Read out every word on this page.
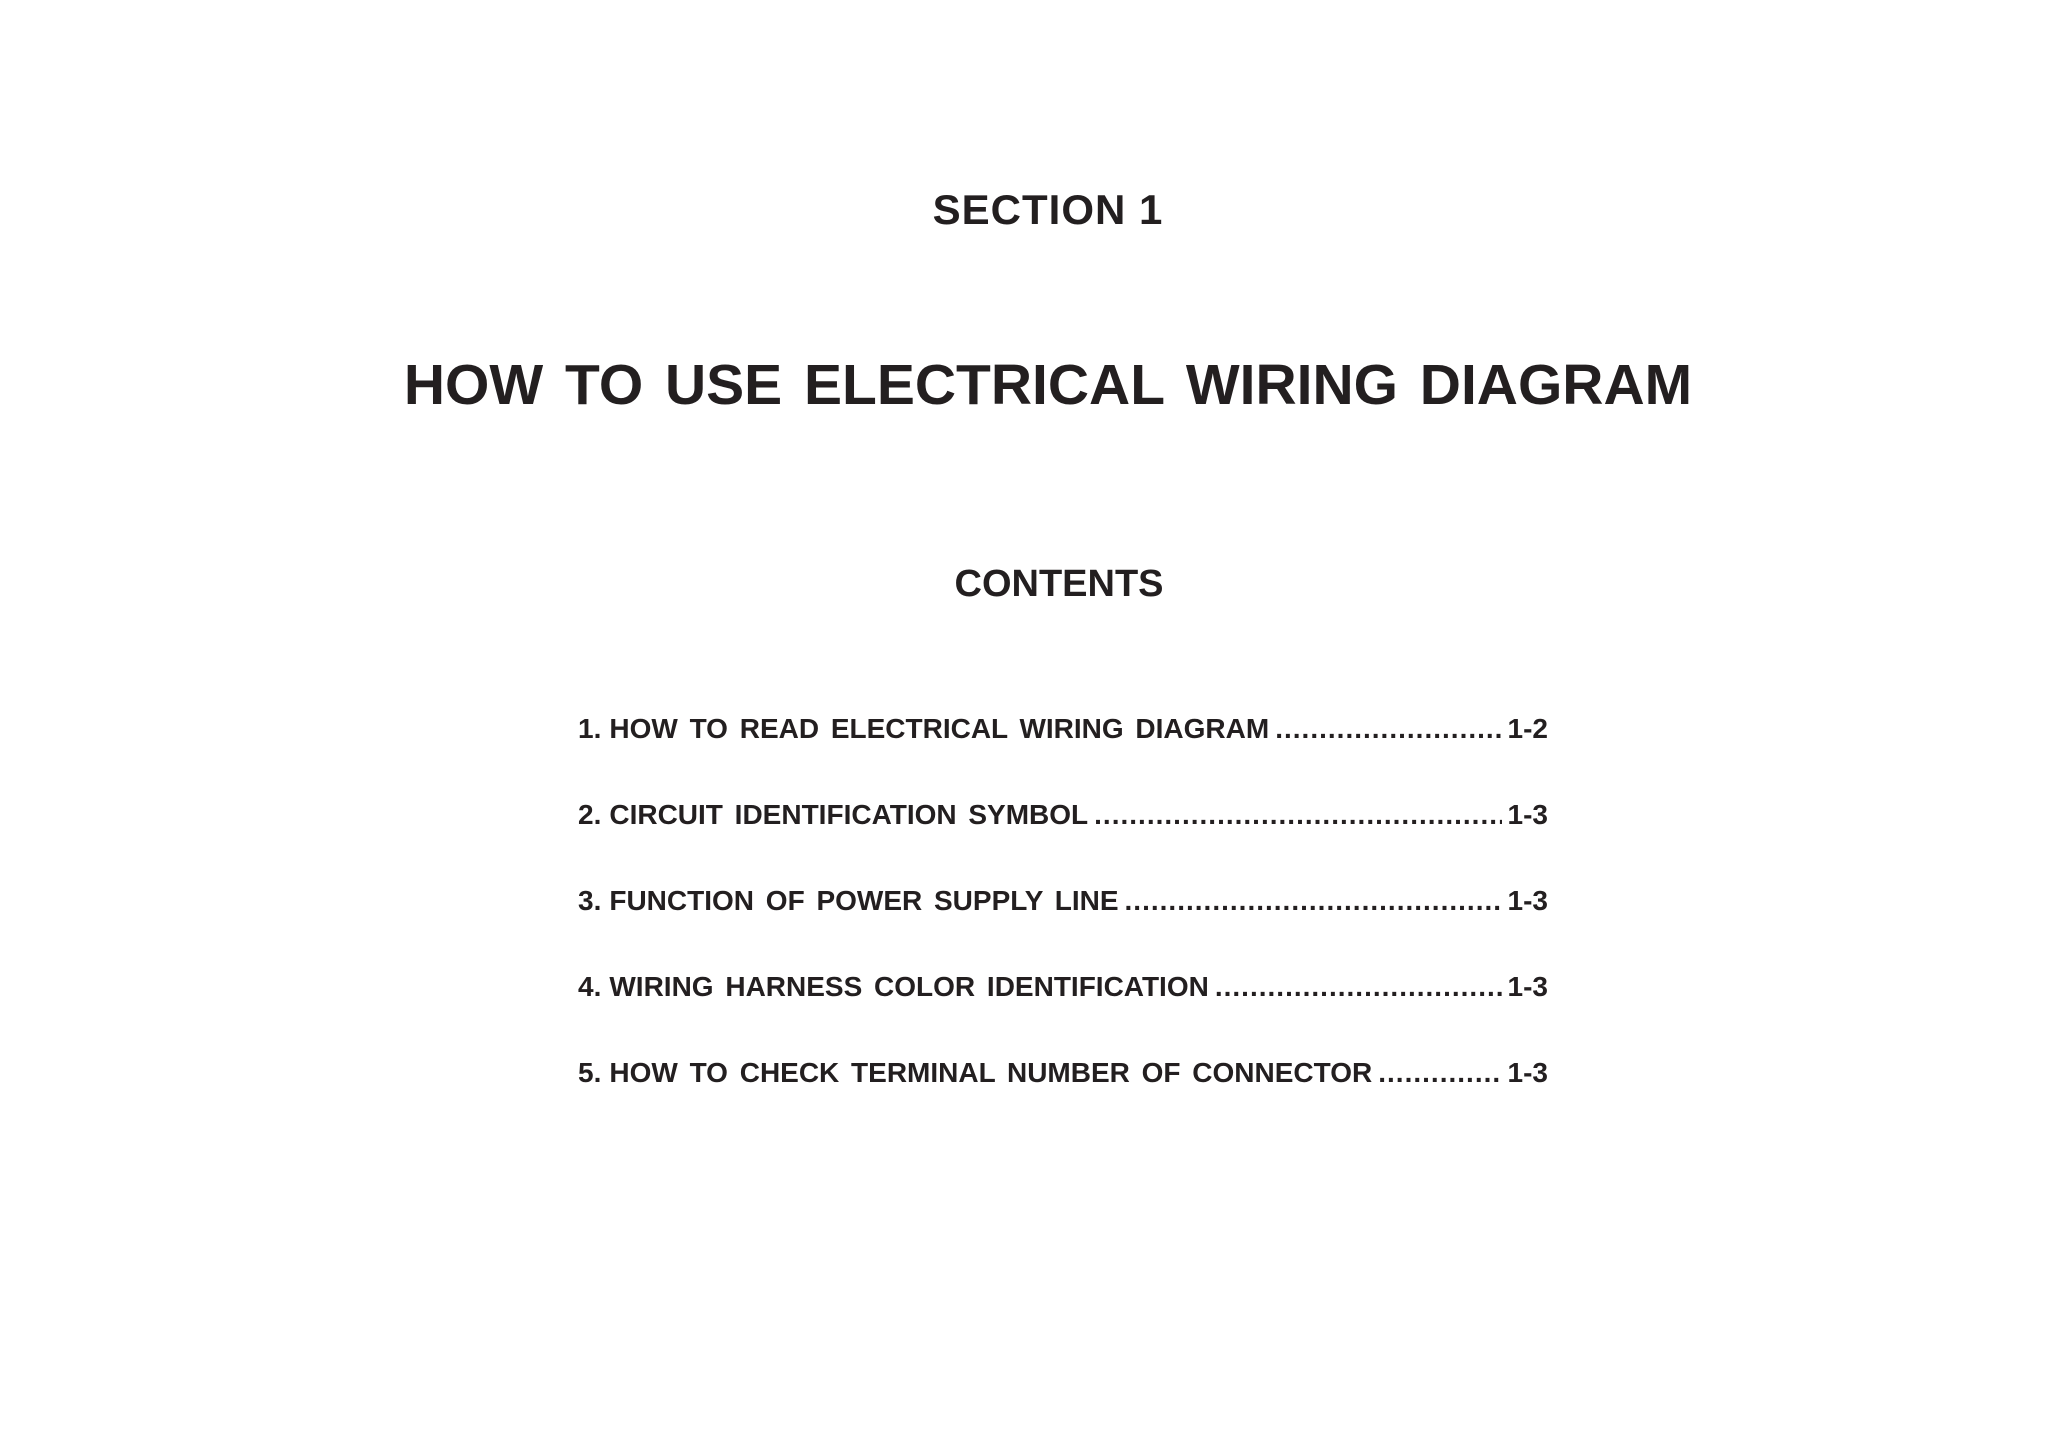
SECTION 1
HOW TO USE ELECTRICAL WIRING DIAGRAM
CONTENTS
1. HOW TO READ ELECTRICAL WIRING DIAGRAM .....	1-2
2. CIRCUIT IDENTIFICATION SYMBOL .....	1-3
3. FUNCTION OF POWER SUPPLY LINE .....	1-3
4. WIRING HARNESS COLOR IDENTIFICATION .....	1-3
5. HOW TO CHECK TERMINAL NUMBER OF CONNECTOR .....	1-3
